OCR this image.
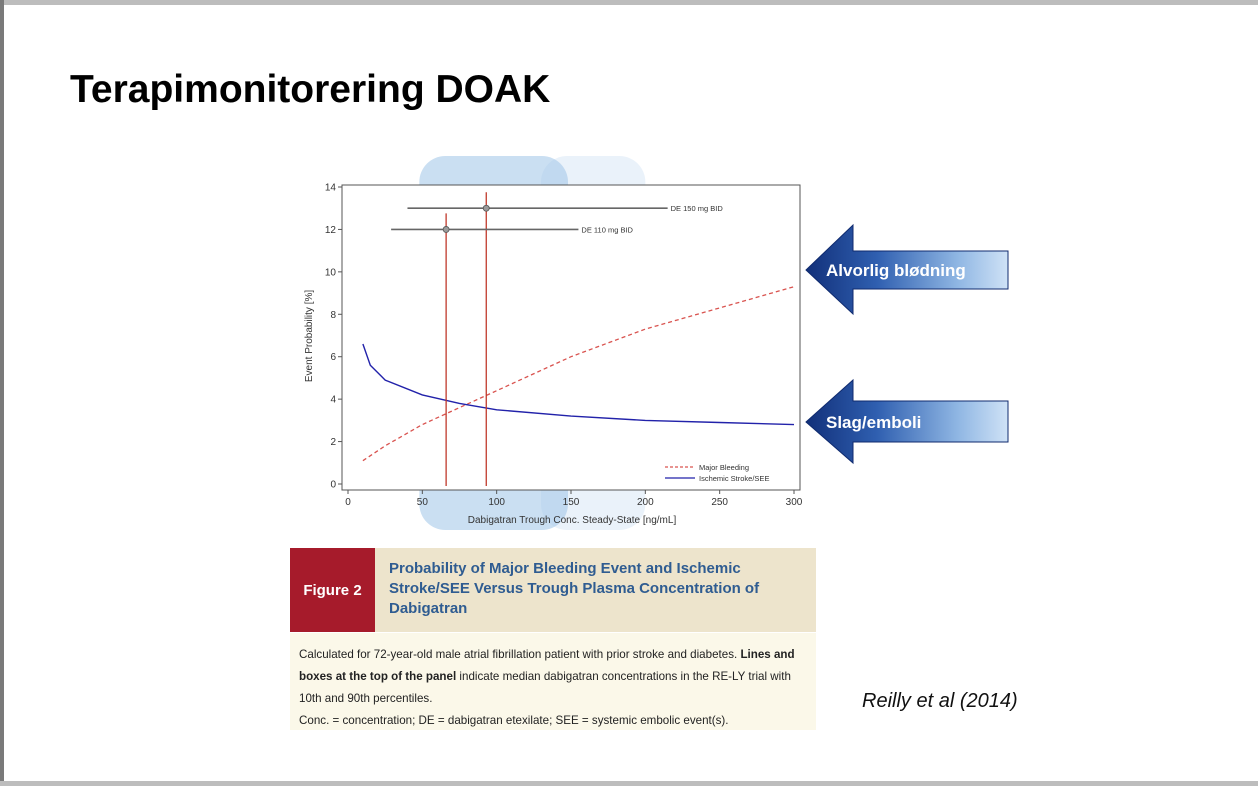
Terapimonitorering DOAK
DE 150 mg BID
DE 110 mg BID
0	50	100	150	200	250	300
0
2
4
6
8
10
12
14
Major Bleeding
Ischemic Stroke/SEE
Dabigatran Trough Conc. Steady-State [ng/mL]
Event Probability [%]
Alvorlig blødning
Slag/emboli
Figure 2
Probability of Major Bleeding Event and Ischemic Stroke/SEE Versus Trough Plasma Concentration of Dabigatran

Calculated for 72-year-old male atrial fibrillation patient with prior stroke and diabetes. Lines and boxes at the top of the panel indicate median dabigatran concentrations in the RE-LY trial with 10th and 90th percentiles.
Conc. = concentration; DE = dabigatran etexilate; SEE = systemic embolic event(s).

Reilly et al (2014)
